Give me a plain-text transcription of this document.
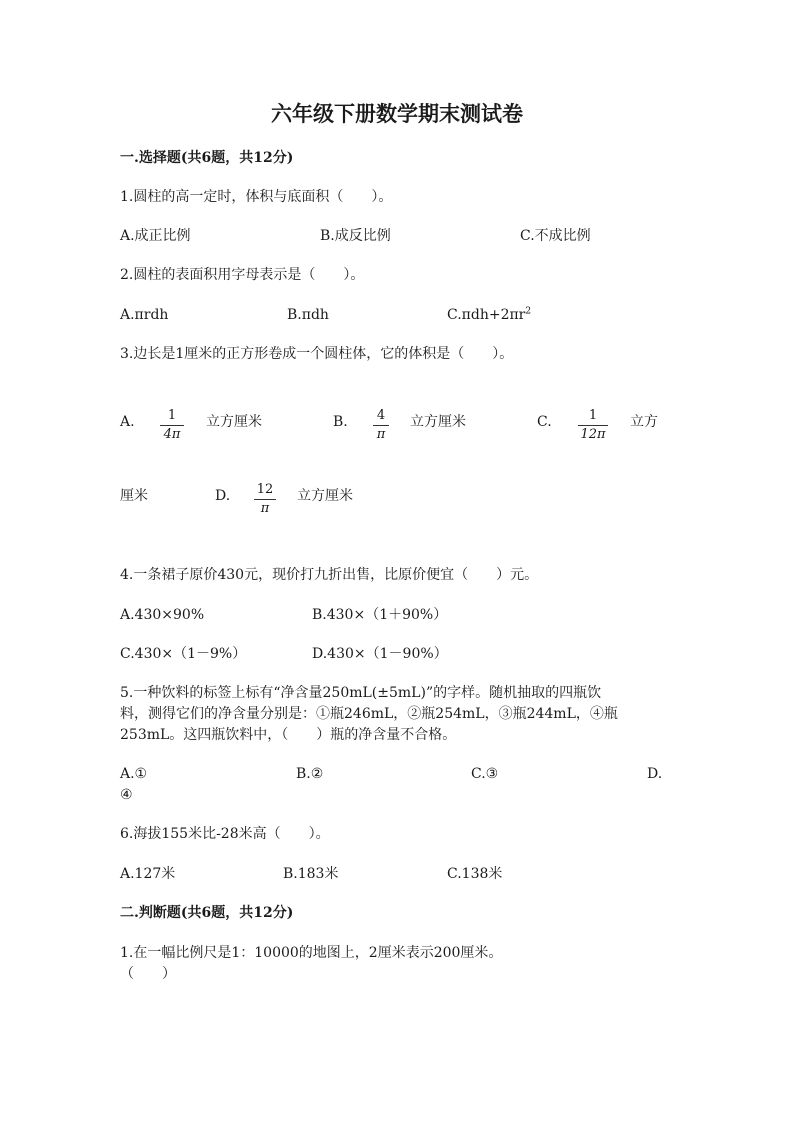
六年级下册数学期末测试卷
一.选择题(共6题，共12分)
1.圆柱的高一定时，体积与底面积（　　）。
A.成正比例	B.成反比例	C.不成比例
2.圆柱的表面积用字母表示是（　　）。
A.πrdh	B.πdh	$C.\pi dh+2\pi r^2$
3.边长是1厘米的正方形卷成一个圆柱体，它的体积是（　　）。
A. $\frac{1}{4\pi}$ 立方厘米	B. $\frac{4}{\pi}$ 立方厘米	C. $\frac{1}{12\pi}$ 立方
厘米	D. $\frac{12}{\pi}$ 立方厘米
4.一条裙子原价430元，现价打九折出售，比原价便宜（　　）元。
A.430×90%	B.430×（1＋90%）
C.430×（1－9%）	D.430×（1－90%）
5.一种饮料的标签上标有“净含量250mL(±5mL)”的字样。随机抽取的四瓶饮
料，测得它们的净含量分别是：①瓶246mL，②瓶254mL，③瓶244mL，④瓶
253mL。这四瓶饮料中，（　　）瓶的净含量不合格。
A.①	B.②	C.③	D.
④
6.海拔155米比-28米高（　　）。
A.127米	B.183米	C.138米
二.判断题(共6题，共12分)
1.在一幅比例尺是1：10000的地图上，2厘米表示200厘米。
（　　）
